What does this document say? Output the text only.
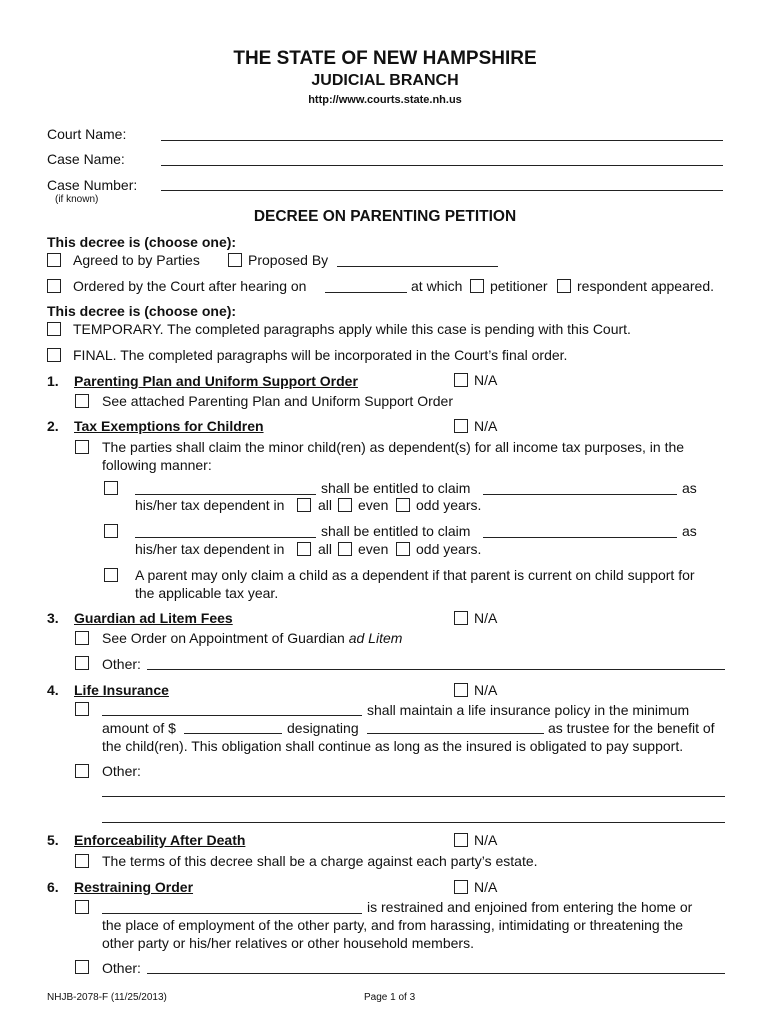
THE STATE OF NEW HAMPSHIRE
JUDICIAL BRANCH
http://www.courts.state.nh.us
Court Name:
Case Name:
Case Number:
(if known)
DECREE ON PARENTING PETITION
This decree is (choose one):
Agreed to by Parties	Proposed By
Ordered by the Court after hearing on	at which petitioner respondent appeared.
This decree is (choose one):
TEMPORARY. The completed paragraphs apply while this case is pending with this Court.
FINAL. The completed paragraphs will be incorporated in the Court’s final order.
1. Parenting Plan and Uniform Support Order	N/A
See attached Parenting Plan and Uniform Support Order
2. Tax Exemptions for Children	N/A
The parties shall claim the minor child(ren) as dependent(s) for all income tax purposes, in the
following manner:
shall be entitled to claim	as
his/her tax dependent in all even odd years.
shall be entitled to claim	as
his/her tax dependent in all even odd years.
A parent may only claim a child as a dependent if that parent is current on child support for
the applicable tax year.
3. Guardian ad Litem Fees	N/A
See Order on Appointment of Guardian ad Litem
Other:
4. Life Insurance	N/A
shall maintain a life insurance policy in the minimum
amount of $	designating	as trustee for the benefit of
the child(ren). This obligation shall continue as long as the insured is obligated to pay support.
Other:
5. Enforceability After Death	N/A
The terms of this decree shall be a charge against each party’s estate.
6. Restraining Order	N/A
is restrained and enjoined from entering the home or
the place of employment of the other party, and from harassing, intimidating or threatening the
other party or his/her relatives or other household members.
Other:
NHJB-2078-F (11/25/2013)	Page 1 of 3
